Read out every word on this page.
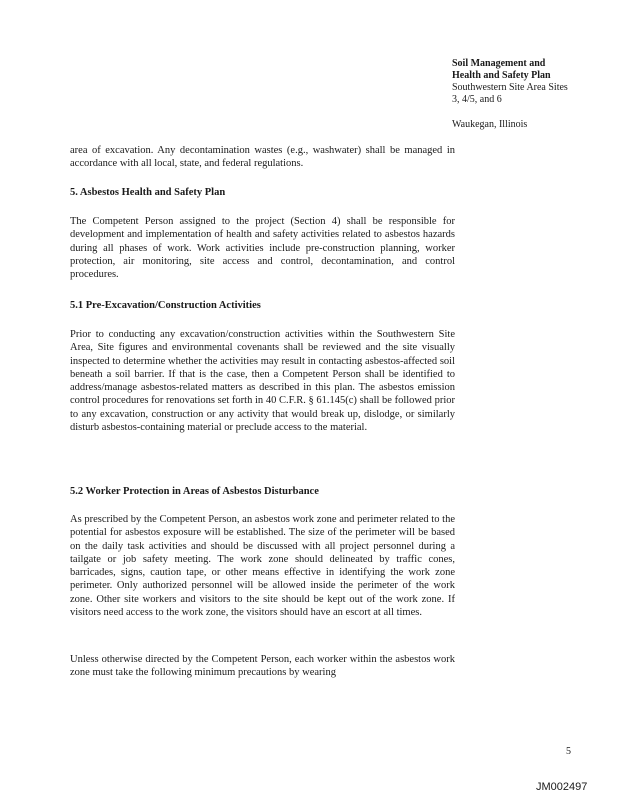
Soil Management and
Health and Safety Plan
Southwestern Site Area Sites
3, 4/5, and 6
Waukegan, Illinois

area of excavation. Any decontamination wastes (e.g., washwater) shall be managed in accordance with all local, state, and federal regulations.

5. Asbestos Health and Safety Plan

The Competent Person assigned to the project (Section 4) shall be responsible for development and implementation of health and safety activities related to asbestos hazards during all phases of work. Work activities include pre-construction planning, worker protection, air monitoring, site access and control, decontamination, and control procedures.

5.1 Pre-Excavation/Construction Activities

Prior to conducting any excavation/construction activities within the Southwestern Site Area, Site figures and environmental covenants shall be reviewed and the site visually inspected to determine whether the activities may result in contacting asbestos-affected soil beneath a soil barrier. If that is the case, then a Competent Person shall be identified to address/manage asbestos-related matters as described in this plan. The asbestos emission control procedures for renovations set forth in 40 C.F.R. § 61.145(c) shall be followed prior to any excavation, construction or any activity that would break up, dislodge, or similarly disturb asbestos-containing material or preclude access to the material.

5.2 Worker Protection in Areas of Asbestos Disturbance

As prescribed by the Competent Person, an asbestos work zone and perimeter related to the potential for asbestos exposure will be established. The size of the perimeter will be based on the daily task activities and should be discussed with all project personnel during a tailgate or job safety meeting. The work zone should delineated by traffic cones, barricades, signs, caution tape, or other means effective in identifying the work zone perimeter. Only authorized personnel will be allowed inside the perimeter of the work zone. Other site workers and visitors to the site should be kept out of the work zone. If visitors need access to the work zone, the visitors should have an escort at all times.

Unless otherwise directed by the Competent Person, each worker within the asbestos work zone must take the following minimum precautions by wearing

5
JM002497
